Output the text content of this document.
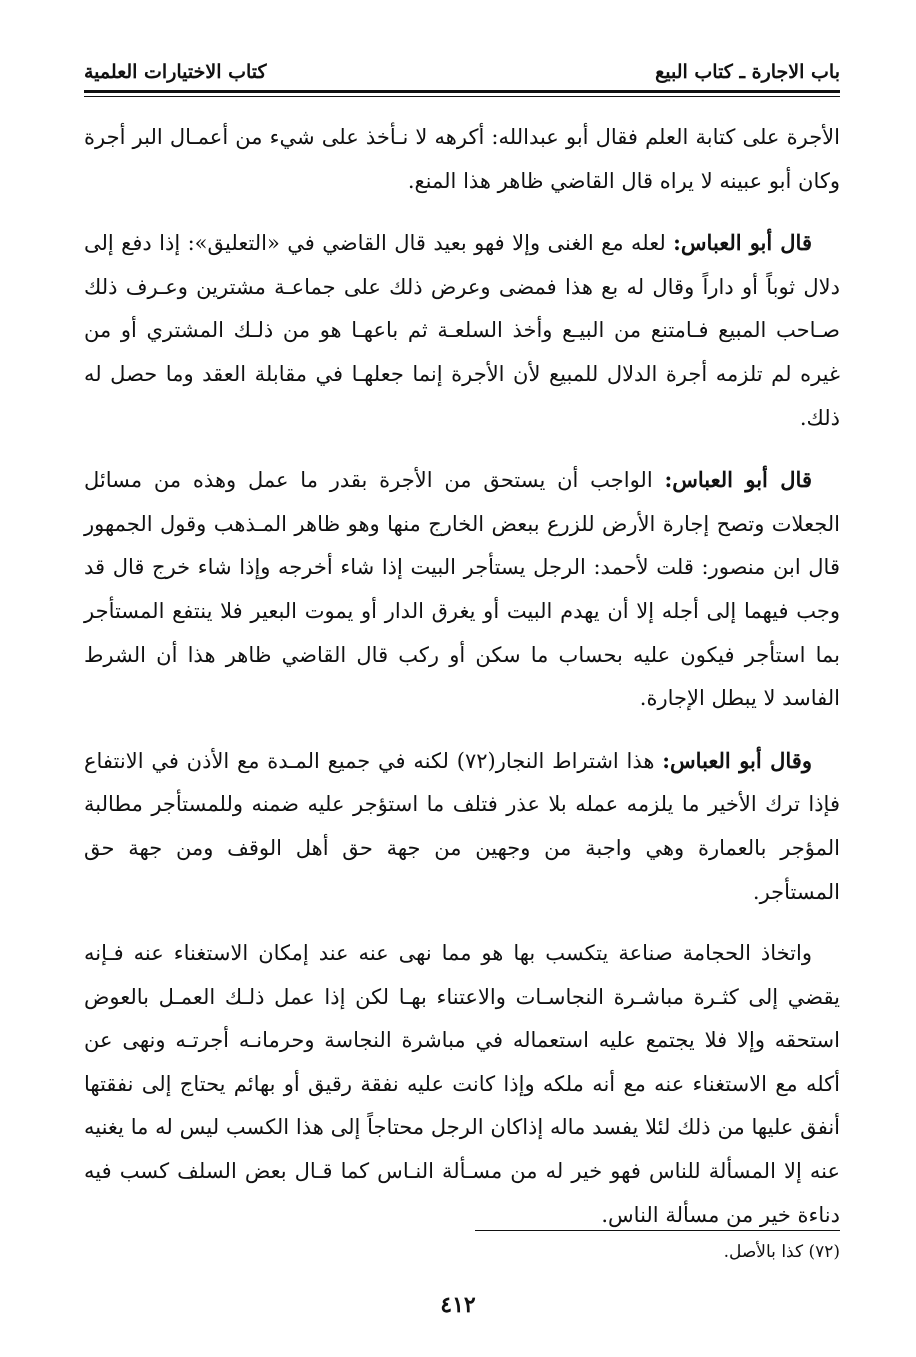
باب الاجارة ـ كتاب البيع
كتاب الاختيارات العلمية

الأجرة على كتابة العلم فقال أبو عبدالله: أكرهه لا نـأخذ على شيء من أعمـال البر أجرة وكان أبو عبينه لا يراه قال القاضي ظاهر هذا المنع.

قال أبو العباس: لعله مع الغنى وإلا فهو بعيد قال القاضي في «التعليق»: إذا دفع إلى دلال ثوباً أو داراً وقال له بع هذا فمضى وعرض ذلك على جماعـة مشترين وعـرف ذلك صـاحب المبيع فـامتنع من البيـع وأخذ السلعـة ثم باعهـا هو من ذلـك المشتري أو من غيره لم تلزمه أجرة الدلال للمبيع لأن الأجرة إنما جعلهـا في مقابلة العقد وما حصل له ذلك.

قال أبو العباس: الواجب أن يستحق من الأجرة بقدر ما عمل وهذه من مسائل الجعلات وتصح إجارة الأرض للزرع ببعض الخارج منها وهو ظاهر المـذهب وقول الجمهور قال ابن منصور: قلت لأحمد: الرجل يستأجر البيت إذا شاء أخرجه وإذا شاء خرج قال قد وجب فيهما إلى أجله إلا أن يهدم البيت أو يغرق الدار أو يموت البعير فلا ينتفع المستأجر بما استأجر فيكون عليه بحساب ما سكن أو ركب قال القاضي ظاهر هذا أن الشرط الفاسد لا يبطل الإجارة.

وقال أبو العباس: هذا اشتراط النجار(٧٢) لكنه في جميع المـدة مع الأذن في الانتفاع فإذا ترك الأخير ما يلزمه عمله بلا عذر فتلف ما استؤجر عليه ضمنه وللمستأجر مطالبة المؤجر بالعمارة وهي واجبة من وجهين من جهة حق أهل الوقف ومن جهة حق المستأجر.

واتخاذ الحجامة صناعة يتكسب بها هو مما نهى عنه عند إمكان الاستغناء عنه فـإنه يقضي إلى كثـرة مباشـرة النجاسـات والاعتناء بهـا لكن إذا عمل ذلـك العمـل بالعوض استحقه وإلا فلا يجتمع عليه استعماله في مباشرة النجاسة وحرمانـه أجرتـه ونهى عن أكله مع الاستغناء عنه مع أنه ملكه وإذا كانت عليه نفقة رقيق أو بهائم يحتاج إلى نفقتها أنفق عليها من ذلك لئلا يفسد ماله إذاكان الرجل محتاجاً إلى هذا الكسب ليس له ما يغنيه عنه إلا المسألة للناس فهو خير له من مسـألة النـاس كما قـال بعض السلف كسب فيه دناءة خير من مسألة الناس.

(٧٢) كذا بالأصل.
٤١٢
